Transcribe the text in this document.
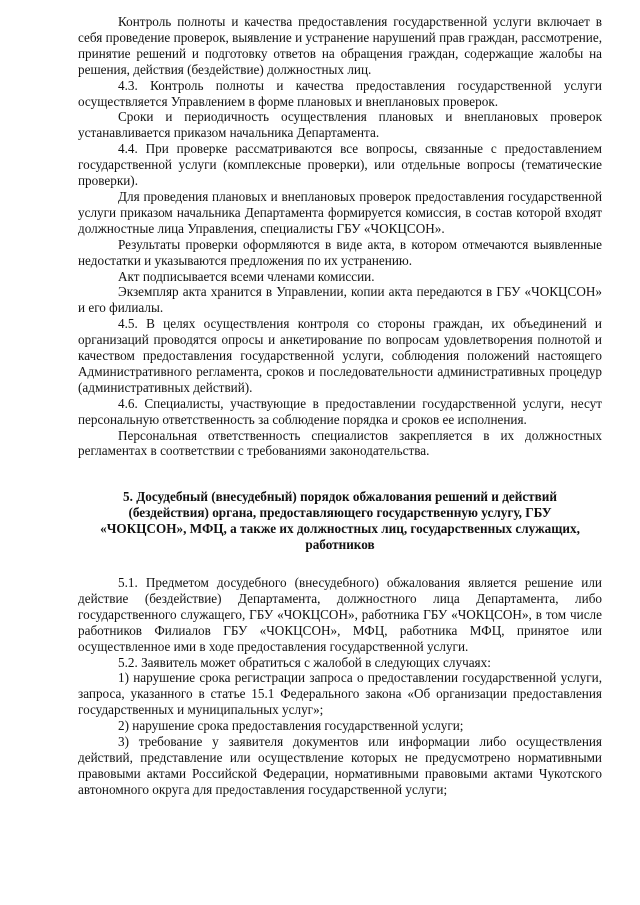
Контроль полноты и качества предоставления государственной услуги включает в себя проведение проверок, выявление и устранение нарушений прав граждан, рассмотрение, принятие решений и подготовку ответов на обращения граждан, содержащие жалобы на решения, действия (бездействие) должностных лиц.

4.3. Контроль полноты и качества предоставления государственной услуги осуществляется Управлением в форме плановых и внеплановых проверок.

Сроки и периодичность осуществления плановых и внеплановых проверок устанавливается приказом начальника Департамента.

4.4. При проверке рассматриваются все вопросы, связанные с предоставлением государственной услуги (комплексные проверки), или отдельные вопросы (тематические проверки).

Для проведения плановых и внеплановых проверок предоставления государственной услуги приказом начальника Департамента формируется комиссия, в состав которой входят должностные лица Управления, специалисты ГБУ «ЧОКЦСОН».

Результаты проверки оформляются в виде акта, в котором отмечаются выявленные недостатки и указываются предложения по их устранению.

Акт подписывается всеми членами комиссии.

Экземпляр акта хранится в Управлении, копии акта передаются в ГБУ «ЧОКЦСОН» и его филиалы.

4.5. В целях осуществления контроля со стороны граждан, их объединений и организаций проводятся опросы и анкетирование по вопросам удовлетворения полнотой и качеством предоставления государственной услуги, соблюдения положений настоящего Административного регламента, сроков и последовательности административных процедур (административных действий).

4.6. Специалисты, участвующие в предоставлении государственной услуги, несут персональную ответственность за соблюдение порядка и сроков ее исполнения.

Персональная ответственность специалистов закрепляется в их должностных регламентах в соответствии с требованиями законодательства.

5. Досудебный (внесудебный) порядок обжалования решений и действий (бездействия) органа, предоставляющего государственную услугу, ГБУ «ЧОКЦСОН», МФЦ, а также их должностных лиц, государственных служащих, работников

5.1. Предметом досудебного (внесудебного) обжалования является решение или действие (бездействие) Департамента, должностного лица Департамента, либо государственного служащего, ГБУ «ЧОКЦСОН», работника ГБУ «ЧОКЦСОН», в том числе работников Филиалов ГБУ «ЧОКЦСОН», МФЦ, работника МФЦ, принятое или осуществленное ими в ходе предоставления государственной услуги.

5.2. Заявитель может обратиться с жалобой в следующих случаях:

1) нарушение срока регистрации запроса о предоставлении государственной услуги, запроса, указанного в статье 15.1 Федерального закона «Об организации предоставления государственных и муниципальных услуг»;

2) нарушение срока предоставления государственной услуги;

3) требование у заявителя документов или информации либо осуществления действий, представление или осуществление которых не предусмотрено нормативными правовыми актами Российской Федерации, нормативными правовыми актами Чукотского автономного округа для предоставления государственной услуги;
